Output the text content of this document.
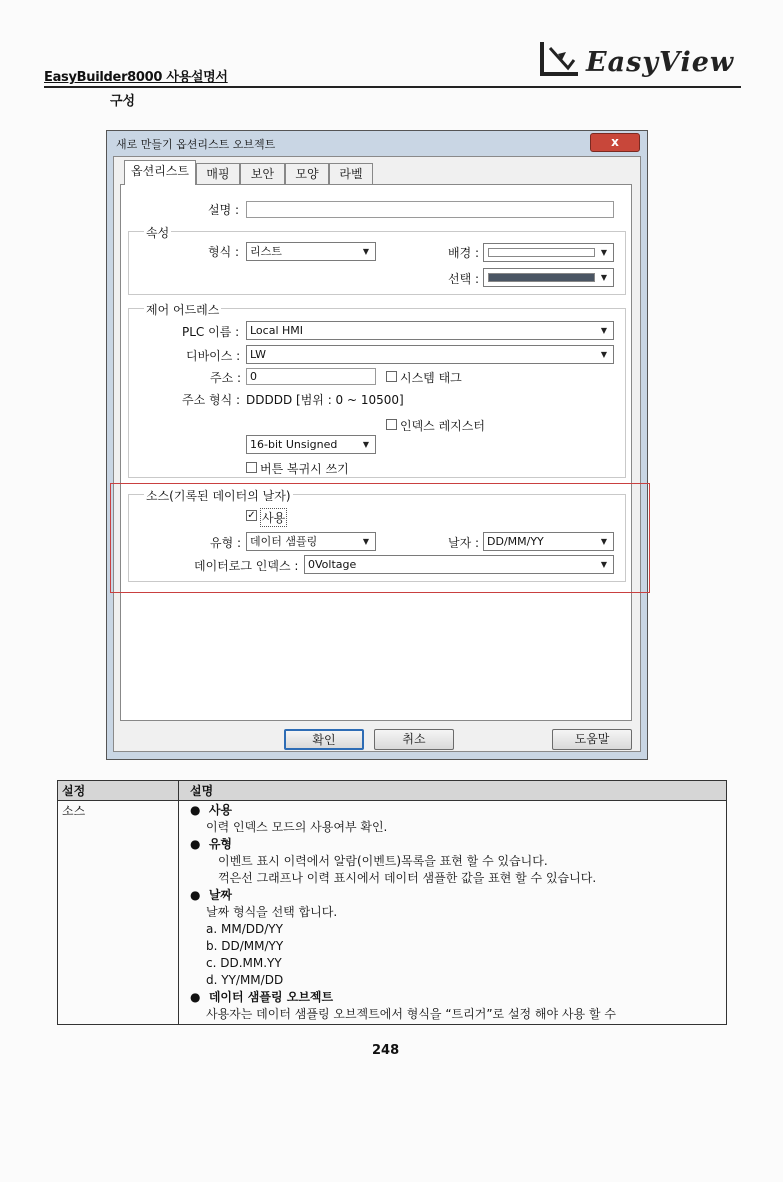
EasyBuilder8000 사용설명서	EasyView
구성
새로 만들기 옵션리스트 오브젝트	x
옵션리스트	매핑	보안	모양	라벨
설명 :
속성
형식 : 리스트	▼	배경 :	▼
선택 :	▼
제어 어드레스
PLC 이름 : Local HMI	▼
디바이스 : LW	▼
주소 : 0	시스템 태그
주소 형식 : DDDDD [범위 : 0 ~ 10500]
인덱스 레지스터
16-bit Unsigned	▼
버튼 복귀시 쓰기
소스(기록된 데이터의 날자)
✓ 사용
유형 : 데이터 샘플링	▼	날자 : DD/MM/YY	▼
데이터로그 인덱스 : 0Voltage	▼
확인	취소	도움말
설정	설명
소스	●  사용
이력 인덱스 모드의 사용여부 확인.
●  유형
이벤트 표시 이력에서 알람(이벤트)목록을 표현 할 수 있습니다.
꺽은선 그래프나 이력 표시에서 데이터 샘플한 값을 표현 할 수 있습니다.
●  날짜
날짜 형식을 선택 합니다.
a. MM/DD/YY
b. DD/MM/YY
c. DD.MM.YY
d. YY/MM/DD
●  데이터 샘플링 오브젝트
사용자는 데이터 샘플링 오브젝트에서 형식을 “트리거”로 설정 해야 사용 할 수
248
